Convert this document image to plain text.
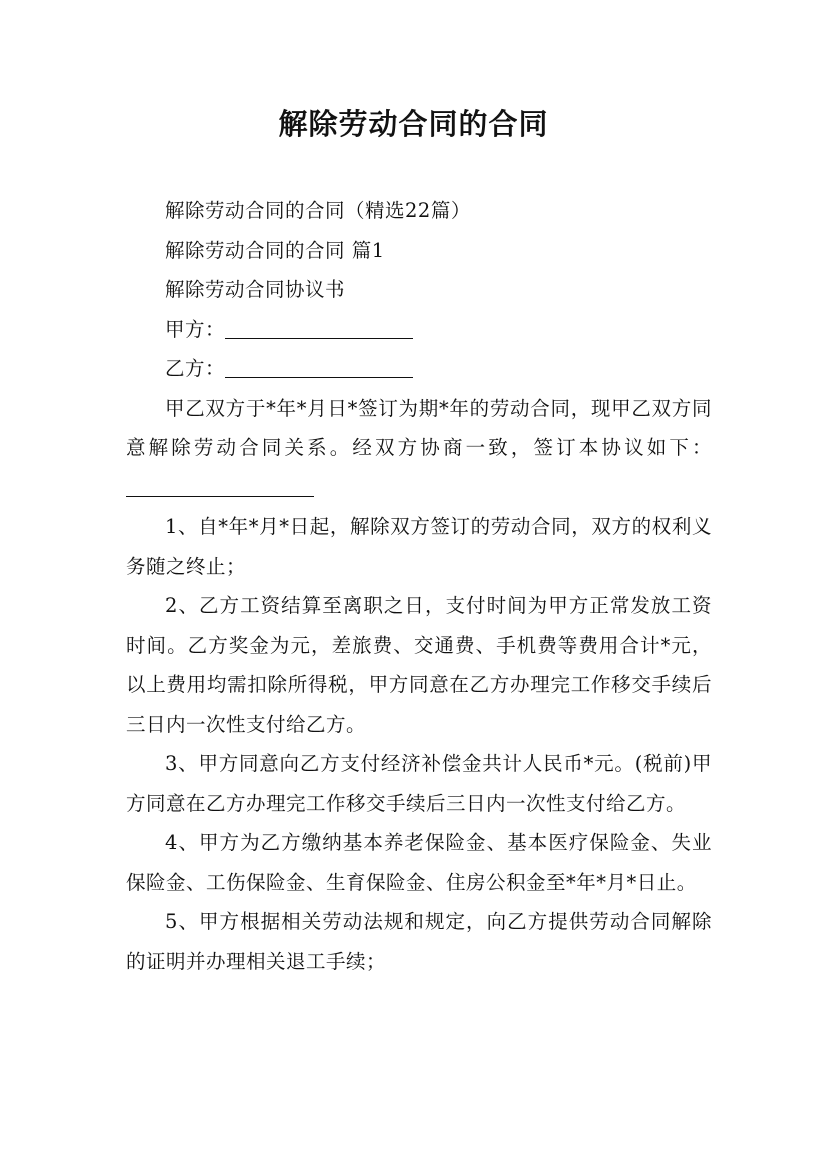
解除劳动合同的合同

解除劳动合同的合同（精选22篇）

解除劳动合同的合同 篇1

解除劳动合同协议书

甲方：

乙方：

甲乙双方于*年*月日*签订为期*年的劳动合同，现甲乙双方同意解除劳动合同关系。经双方协商一致，签订本协议如下：

1、自*年*月*日起，解除双方签订的劳动合同，双方的权利义务随之终止；

2、乙方工资结算至离职之日，支付时间为甲方正常发放工资时间。乙方奖金为元，差旅费、交通费、手机费等费用合计*元，以上费用均需扣除所得税，甲方同意在乙方办理完工作移交手续后三日内一次性支付给乙方。

3、甲方同意向乙方支付经济补偿金共计人民币*元。(税前)甲方同意在乙方办理完工作移交手续后三日内一次性支付给乙方。

4、甲方为乙方缴纳基本养老保险金、基本医疗保险金、失业保险金、工伤保险金、生育保险金、住房公积金至*年*月*日止。

5、甲方根据相关劳动法规和规定，向乙方提供劳动合同解除的证明并办理相关退工手续；
